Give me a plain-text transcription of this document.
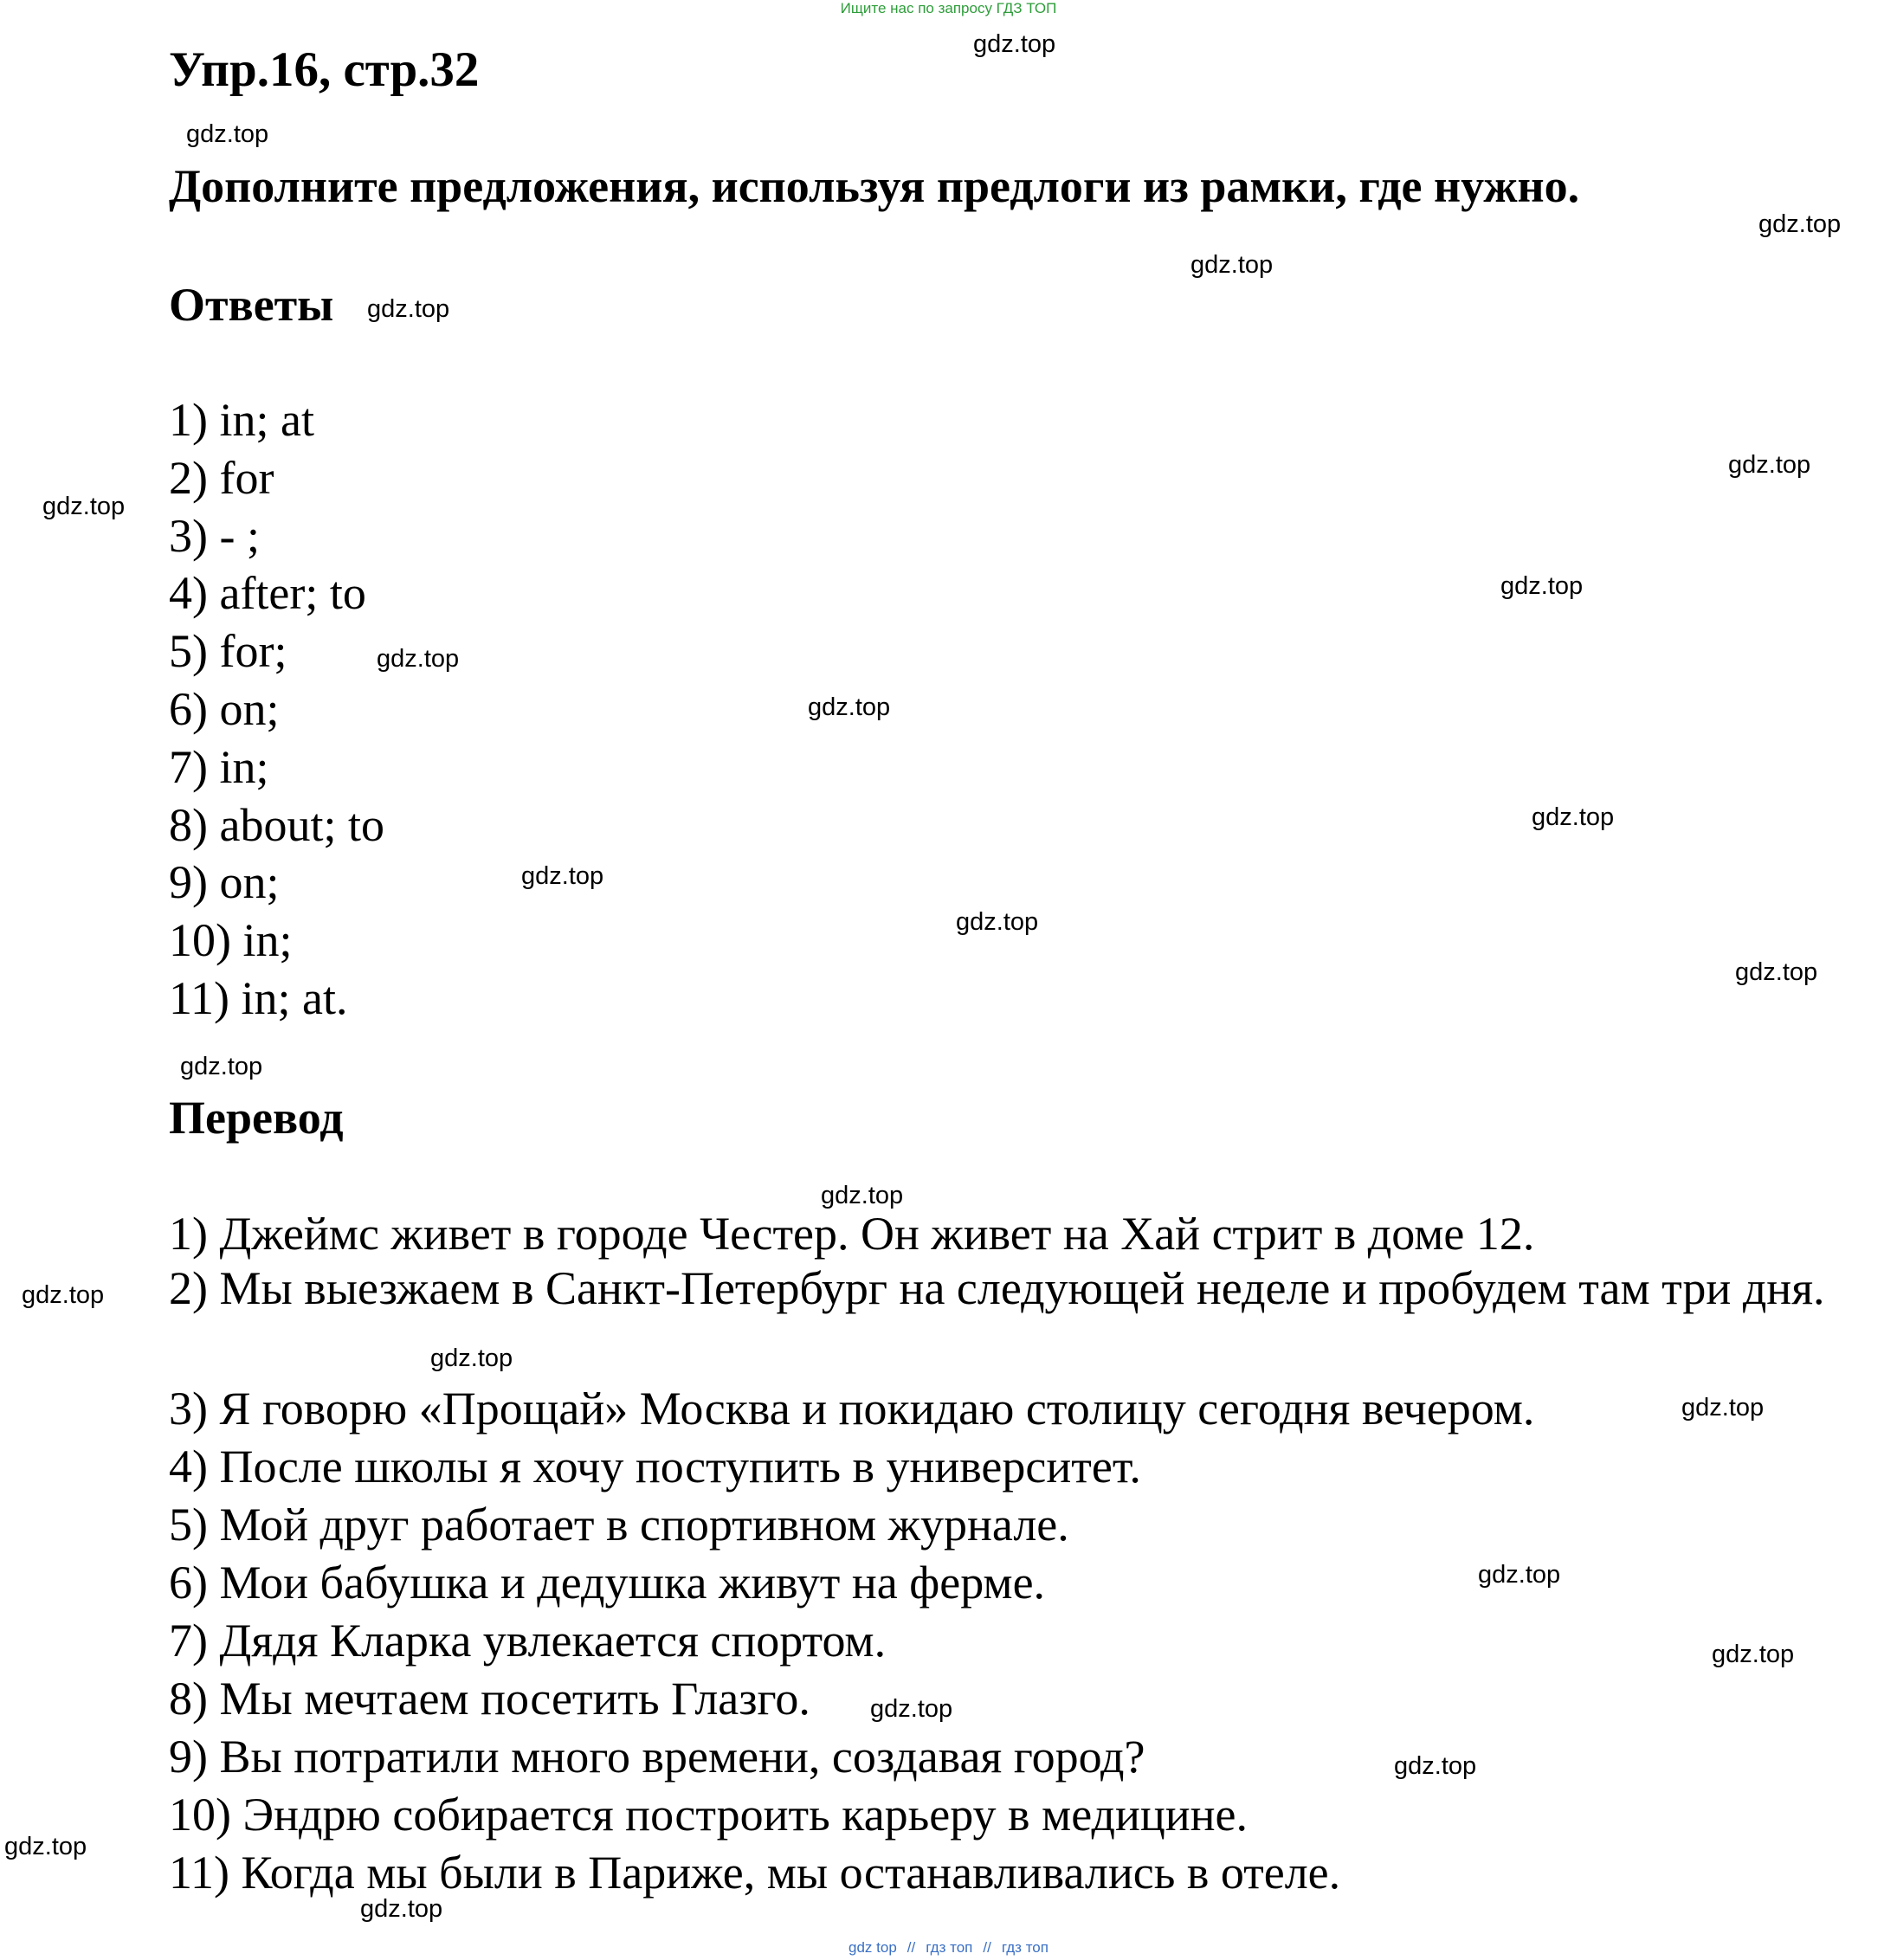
Ищите нас по запросу ГДЗ ТОП
Упр.16, стр.32
Дополните предложения, используя предлоги из рамки, где нужно.
Ответы
1) in; at
2) for
3) - ;
4) after; to
5) for;
6) on;
7) in;
8) about; to
9) on;
10) in;
11) in; at.
Перевод
1) Джеймс живет в городе Честер. Он живет на Хай стрит в доме 12.
2) Мы выезжаем в Санкт-Петербург на следующей неделе и пробудем там три дня.
3) Я говорю «Прощай» Москва и покидаю столицу сегодня вечером.
4) После школы я хочу поступить в университет.
5) Мой друг работает в спортивном журнале.
6) Мои бабушка и дедушка живут на ферме.
7) Дядя Кларка увлекается спортом.
8) Мы мечтаем посетить Глазго.
9) Вы потратили много времени, создавая город?
10) Эндрю собирается построить карьеру в медицине.
11) Когда мы были в Париже, мы останавливались в отеле.
gdz.top
gdz.top
gdz.top
gdz.top
gdz.top
gdz.top
gdz.top
gdz.top
gdz.top
gdz.top
gdz.top
gdz.top
gdz.top
gdz.top
gdz.top
gdz.top
gdz.top
gdz.top
gdz.top
gdz.top
gdz.top
gdz.top
gdz.top
gdz.top
gdz.top
gdz top // гдз топ // гдз топ
